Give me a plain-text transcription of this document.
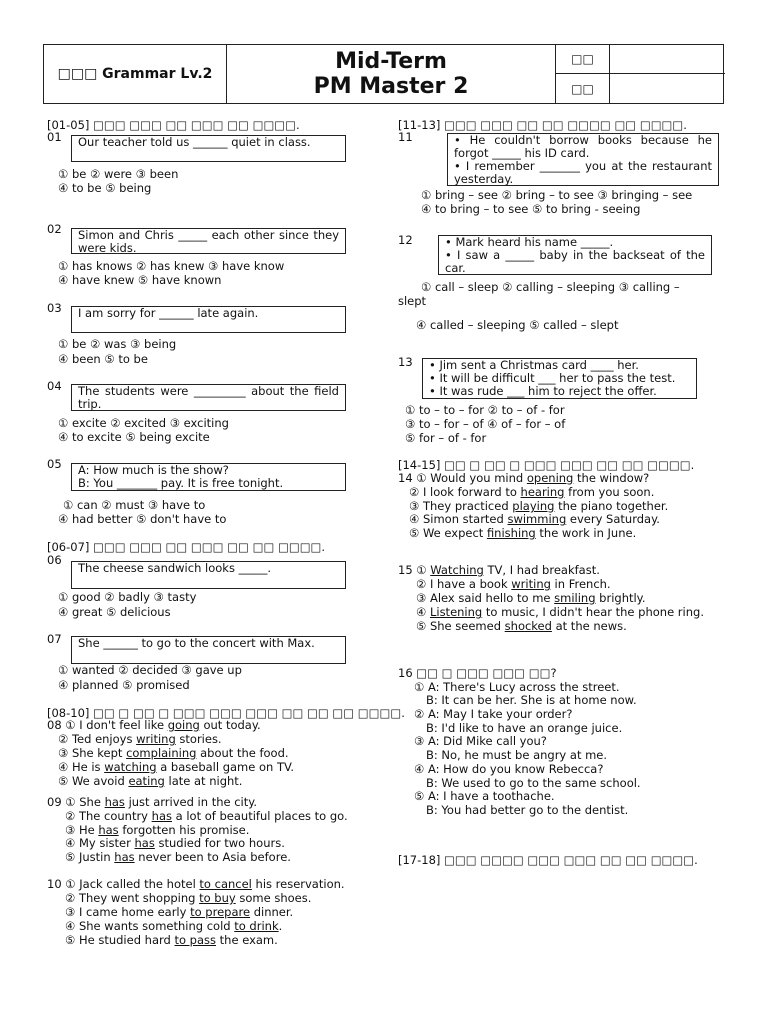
□□□ Grammar Lv.2	Mid-Term
PM Master 2
□□
□□
[01-05] □□□ □□□ □□ □□□ □□ □□□□.
01	Our teacher told us ______ quiet in class.
① be ② were ③ been
④ to be ⑤ being
02 Simon and Chris _____ each other since they
were kids.
① has knows ② has knew ③ have know
④ have knew ⑤ have known
03	I am sorry for ______ late again.
① be ② was ③ being
④ been ⑤ to be
04 The students were _________ about the field
trip.
① excite ② excited ③ exciting
④ to excite ⑤ being excite
05 A: How much is the show?
B: You _______ pay. It is free tonight.
① can ② must ③ have to
④ had better ⑤ don't have to
[06-07] □□□ □□□ □□ □□□ □□ □□ □□□□.
06
The cheese sandwich looks _____.
① good ② badly ③ tasty
④ great ⑤ delicious
07	She ______ to go to the concert with Max.
① wanted ② decided ③ gave up
④ planned ⑤ promised
[08-10] □□ □ □□ □ □□□ □□□ □□□ □□ □□ □□ □□□□.
08 ① I don't feel like going out today.
② Ted enjoys writing stories.
③ She kept complaining about the food.
④ He is watching a baseball game on TV.
⑤ We avoid eating late at night.
09 ① She has just arrived in the city.
② The country has a lot of beautiful places to go.
③ He has forgotten his promise.
④ My sister has studied for two hours.
⑤ Justin has never been to Asia before.
10 ① Jack called the hotel to cancel his reservation.
② They went shopping to buy some shoes.
③ I came home early to prepare dinner.
④ She wants something cold to drink.
⑤ He studied hard to pass the exam.
[11-13] □□□ □□□ □□ □□ □□□□ □□ □□□□.
11	• He couldn't borrow books because he
forgot _____ his ID card.
• I remember _______ you at the restaurant
yesterday.
① bring – see ② bring – to see ③ bringing – see
④ to bring – to see ⑤ to bring - seeing
12	• Mark heard his name _____.
• I saw a _____ baby in the backseat of the
car.
① call – sleep ② calling – sleeping ③ calling –
slept
④ called – sleeping ⑤ called – slept
13 • Jim sent a Christmas card ____ her.
• It will be difficult ___ her to pass the test.
• It was rude ___ him to reject the offer.
① to – to – for ② to – of - for
③ to – for – of ④ of – for – of
⑤ for – of - for
[14-15] □□ □ □□ □ □□□ □□□ □□ □□ □□□□.
14 ① Would you mind opening the window?
② I look forward to hearing from you soon.
③ They practiced playing the piano together.
④ Simon started swimming every Saturday.
⑤ We expect finishing the work in June.
15 ① Watching TV, I had breakfast.
② I have a book writing in French.
③ Alex said hello to me smiling brightly.
④ Listening to music, I didn't hear the phone ring.
⑤ She seemed shocked at the news.
16 □□ □ □□□ □□□ □□?
① A: There's Lucy across the street.
B: It can be her. She is at home now.
② A: May I take your order?
B: I'd like to have an orange juice.
③ A: Did Mike call you?
B: No, he must be angry at me.
④ A: How do you know Rebecca?
B: We used to go to the same school.
⑤ A: I have a toothache.
B: You had better go to the dentist.
[17-18] □□□ □□□□ □□□ □□□ □□ □□ □□□□.
